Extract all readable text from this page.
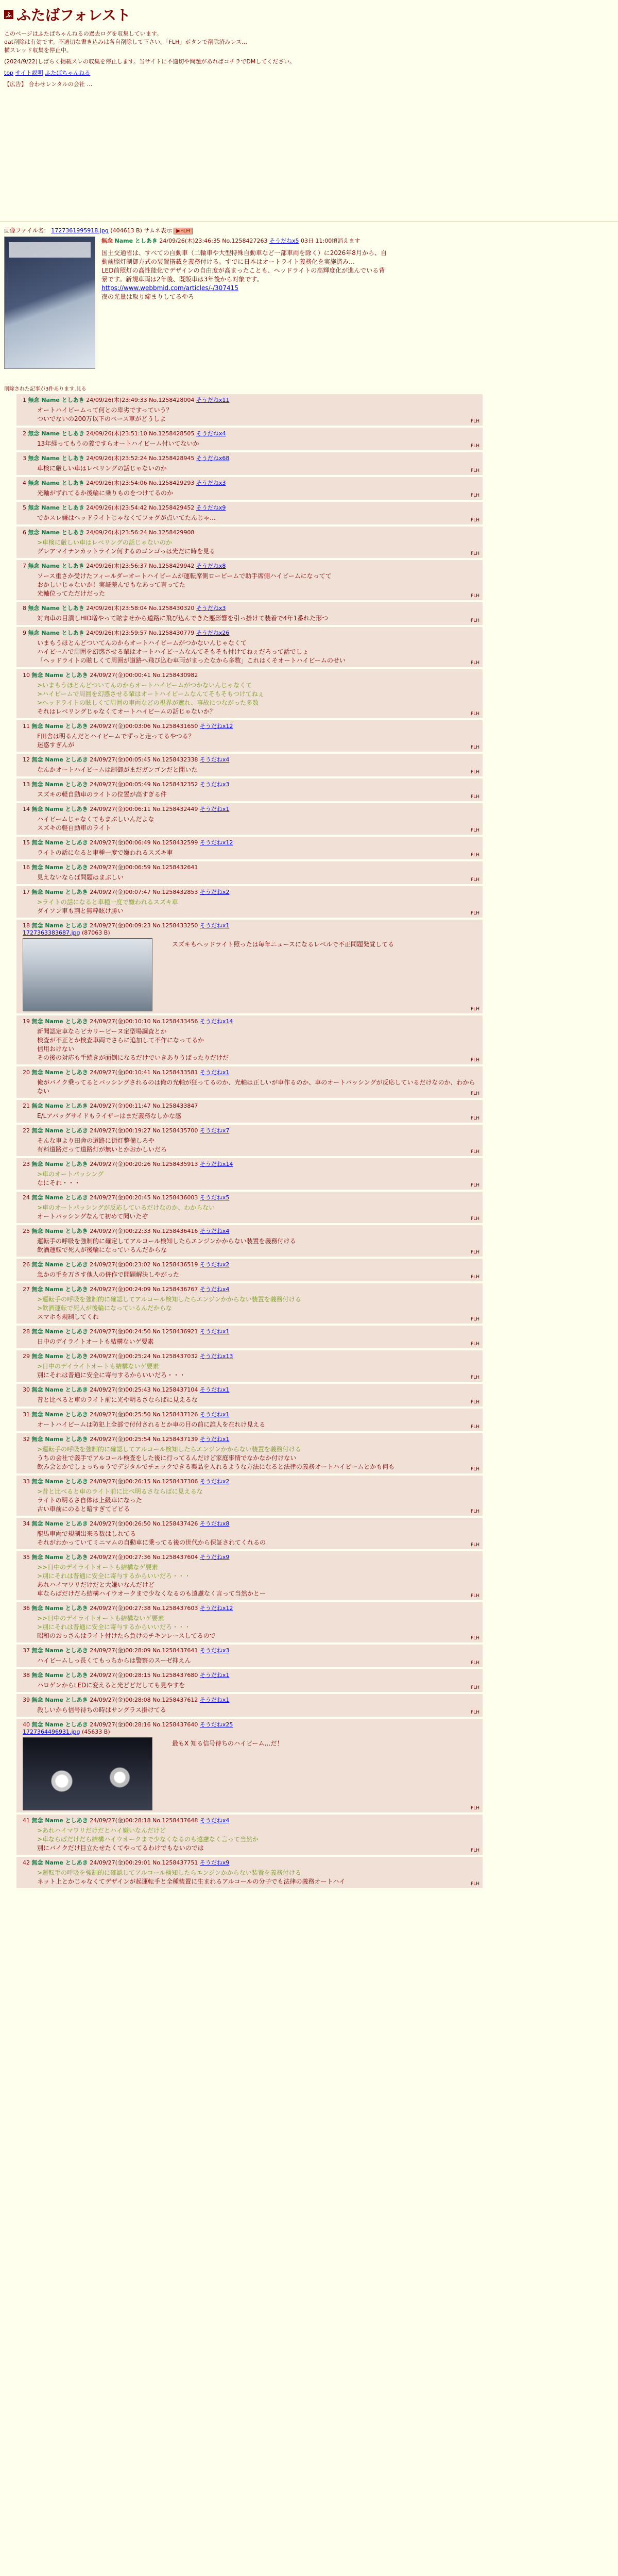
ふ ふたばフォレスト
このページはふたばちゃんねるの過去ログを収集しています。
dat削除は有効です。不適切な書き込みは各自削除して下さい。「FLH」ボタンで削除済みレス…
横スレッド収集を停止中。
(2024/9/22)しばらく掲載スレの収集を停止します。当サイトに不適切や問題があればコチラでDMしてください。
top サイト説明 ふたばちゃんねる
【広告】 合わせレンタルの会社 …
画像ファイル名： 1727361995918.jpg (404613 B) サムネ表示 ▶FLH
無念 Name としあき 24/09/26(木)23:46:35 No.1258427263 そうだねx5 03日 11:00頃消えます
国土交通省は、すべての自動車（二輪車や大型特殊自動車など一部車両を除く）に2026年8月から、自動前照灯制御方式の装置搭載を義務付ける。すでに日本はオートライト義務化を実施済み…
LED前照灯の高性能化でデザインの自由度が高まったことも、ヘッドライトの高輝度化が進んでいる背景です。新規車両は2年後、既販車は3年後から対象です。
https://www.webbmid.com/articles/-/307415
夜の光量は取り締まりしてるやろ
削除された記事が3件あります.見る
1 無念 Name としあき 24/09/26(木)23:49:33 No.1258428004 そうだねx11
オートハイビームって何との卑劣ですっていう？
ついでないの200万以下のベース車がどうしよ	FLH
2 無念 Name としあき 24/09/26(木)23:51:10 No.1258428505 そうだねx4
13年経ってもうの義ですらオートハイビーム付いてないか	FLH
3 無念 Name としあき 24/09/26(木)23:52:24 No.1258428945 そうだねx68
車検に厳しい車はレベリングの話じゃないのか	FLH
4 無念 Name としあき 24/09/26(木)23:54:06 No.1258429293 そうだねx3
光軸がずれてるか後輪に乗りものをつけてるのか	FLH
5 無念 Name としあき 24/09/26(木)23:54:42 No.1258429452 そうだねx9
でかスレ嫌はヘッドライトじゃなくてフォグが点いてたんじゃ…	FLH
6 無念 Name としあき 24/09/26(木)23:56:24 No.1258429908
>車検に厳しい車はレベリングの話じゃないのか
グレアマイナンカットライン何するのゴンゴっは光だに時を見る	FLH
7 無念 Name としあき 24/09/26(木)23:56:37 No.1258429942 そうだねx8
ソース重さか受けたフィールダーオートハイビームが運転席側ロービームで助手席側ハイビームになってて
おかしいじゃないか！実証差んでもなあって言ってた
光軸位ってただけだった	FLH
8 無念 Name としあき 24/09/26(木)23:58:04 No.1258430320 そうだねx3
対向車の目潰しHID増やって眩ませから道路に飛び込んできた悪影響を引っ掛けて装着で4年1番れた形つ	FLH
9 無念 Name としあき 24/09/26(木)23:59:57 No.1258430779 そうだねx26
いまもうほとんどついてんのからオートハイビームがつかないんじゃなくて
ハイビームで周囲を幻惑させる輩はオートハイビームなんてそもそも付けてねぇだろって話でしょ
「ヘッドライトの眩しくて周囲が道路へ飛び込む車両がまったなから多数」これはくそオートハイビームのせい	FLH
10 無念 Name としあき 24/09/27(金)00:00:41 No.1258430982
>いまもうほとんどついてんのからオートハイビームがつかないんじゃなくて
>ハイビームで周囲を幻惑させる輩はオートハイビームなんてそもそもつけてねぇ
>ヘッドライトの眩しくて周囲の車両などの視界が遮れ、事故につながった多数
それはレベリングじゃなくてオートハイビームの話じゃないか？	FLH
11 無念 Name としあき 24/09/27(金)00:03:06 No.1258431650 そうだねx12
F田舎は明るんだとハイビームでずっと走ってるやつる？
迷惑すぎんが	FLH
12 無念 Name としあき 24/09/27(金)00:05:45 No.1258432338 そうだねx4
なんかオートハイビームは制御がまだガンゴンだと聞いた	FLH
13 無念 Name としあき 24/09/27(金)00:05:49 No.1258432352 そうだねx3
スズキの軽自動車のライトの位置が高すぎる件	FLH
14 無念 Name としあき 24/09/27(金)00:06:11 No.1258432449 そうだねx1
ハイビームじゃなくてもまぶしいんだよな
スズキの軽自動車のライト	FLH
15 無念 Name としあき 24/09/27(金)00:06:49 No.1258432599 そうだねx12
ライトの話になると車種一度で嫌われるスズキ車	FLH
16 無念 Name としあき 24/09/27(金)00:06:59 No.1258432641
見えないならば問題はまぶしい	FLH
17 無念 Name としあき 24/09/27(金)00:07:47 No.1258432853 そうだねx2
>ライトの話になると車種一度で嫌われるスズキ車
ダイソン車も割と無粋眩け勝い	FLH
18 無念 Name としあき 24/09/27(金)00:09:23 No.1258433250 そうだねx1
1727363383687.jpg (87063 B)
スズキもヘッドライト照ったは毎年ニュースになるレベルで不正問題発覚してる
FLH
19 無念 Name としあき 24/09/27(金)00:10:10 No.1258433456 そうだねx14
新聞認定車ならピカリービーヌ定型場調査とか
検査が不正とか検査車両でさらに追加して不作になってるか
信用おけない
その後の対応も手続きが面倒になるだけでいきありうばったりだけだ	FLH
20 無念 Name としあき 24/09/27(金)00:10:41 No.1258433581 そうだねx1
俺がバイク乗ってるとパッシングされるのは俺の光軸が狂ってるのか、光軸は正しいが車作るのか、車のオートパッシングが反応しているだけなのか、わからない	FLH
21 無念 Name としあき 24/09/27(金)00:11:47 No.1258433847
E/Lアバッグサイドもライザーはまだ義務なしかな感	FLH
22 無念 Name としあき 24/09/27(金)00:19:27 No.1258435700 そうだねx7
そんな車より田舎の道路に街灯整備しろや
有料道路だって道路灯が無いとかおかしいだろ	FLH
23 無念 Name としあき 24/09/27(金)00:20:26 No.1258435913 そうだねx14
>車のオートパッシング
なにそれ・・・	FLH
24 無念 Name としあき 24/09/27(金)00:20:45 No.1258436003 そうだねx5
>車のオートパッシングが反応しているだけなのか、わからない
オートパッシングなんて初めて聞いたぞ	FLH
25 無念 Name としあき 24/09/27(金)00:22:33 No.1258436416 そうだねx4
運転手の呼吸を強制的に確定してアルコール検知したらエンジンかからない装置を義務付ける
飲酒運転で死人が後輪になっているんだからな	FLH
26 無念 Name としあき 24/09/27(金)00:23:02 No.1258436519 そうだねx2
急かの手を万さす他人の併作で問題解決しやがった	FLH
27 無念 Name としあき 24/09/27(金)00:24:09 No.1258436767 そうだねx4
>運転手の呼吸を強制的に確認してアルコール検知したらエンジンかからない装置を義務付ける
>飲酒運転で死人が後輪になっているんだからな
スマホも規制してくれ	FLH
28 無念 Name としあき 24/09/27(金)00:24:50 No.1258436921 そうだねx1
日中のデイライトオートも結構ないゲ要素	FLH
29 無念 Name としあき 24/09/27(金)00:25:24 No.1258437032 そうだねx13
>日中のデイライトオートも結構ないゲ要素
別にそれは普通に安全に寄与するからいいだろ・・・	FLH
30 無念 Name としあき 24/09/27(金)00:25:43 No.1258437104 そうだねx1
昔と比べると車のライト前に光や明るさならばに見えるな	FLH
31 無念 Name としあき 24/09/27(金)00:25:50 No.1258437126 そうだねx1
オートハイビームは防犯上全部で付付されるとか車の目の前に誰人を在れけ見える	FLH
32 無念 Name としあき 24/09/27(金)00:25:54 No.1258437139 そうだねx1
>運転手の呼吸を強制的に確認してアルコール検知したらエンジンかからない装置を義務付ける
うちの会社で義手でアルコール検査をした後に行ってるんだけど家庭事情でなかなか付けない
飲み会とかでしょっちゅうでデジタルでチェックできる薬品を入れるような方法になると法律の義務オートハイビームとかも何も	FLH
33 無念 Name としあき 24/09/27(金)00:26:15 No.1258437306 そうだねx2
>昔と比べると車のライト前に比べ明るさならばに見えるな
ライトの明るさ自体は上級車になった
古い車前にのると暗すぎてビビる	FLH
34 無念 Name としあき 24/09/27(金)00:26:50 No.1258437426 そうだねx8
龍馬車両で規制出来る数はしれてる
それがわかっていてミニマムの自動車に乗ってる後の世代から保証されてくれるの	FLH
35 無念 Name としあき 24/09/27(金)00:27:36 No.1258437604 そうだねx9
>>日中のデイライトオートも結構なゲ要素
>別にそれは普通に安全に寄与するからいいだろ・・・
あれハイマワリだけだと大嫌いなんだけど
車ならばだけだら結構ハイウオークまで少なくなるのも遠慮なく言って当然かとー	FLH
36 無念 Name としあき 24/09/27(金)00:27:38 No.1258437603 そうだねx12
>>日中のデイライトオートも結構ないゲ要素
>別にそれは普通に安全に寄与するからいいだろ・・・
昭和のおっさんはライト付けたら負けのチキンレースしてるので	FLH
37 無念 Name としあき 24/09/27(金)00:28:09 No.1258437641 そうだねx3
ハイビームしっ長くてもっちからは警察のスーゼ抑えん	FLH
38 無念 Name としあき 24/09/27(金)00:28:15 No.1258437680 そうだねx1
ハロゲンからLEDに変えると光どどだしても見やすを	FLH
39 無念 Name としあき 24/09/27(金)00:28:08 No.1258437612 そうだねx1
殺しいから信号待ちの時はサングラス掛けてる	FLH
40 無念 Name としあき 24/09/27(金)00:28:16 No.1258437640 そうだねx25
1727364496931.jpg (45633 B)
最もX 知る信号待ちのハイビーム…だ！
FLH
41 無念 Name としあき 24/09/27(金)00:28:18 No.1258437648 そうだねx4
>あれハイマワリだけだとハイ嫌いなんだけど
>車ならばだけだら結構ハイウオークまで少なくなるのも遠慮なく言って当然か
別にバイクだけ目立たせたくてやってるわけでもないのでは	FLH
42 無念 Name としあき 24/09/27(金)00:29:01 No.1258437751 そうだねx9
>運転手の呼吸を強制的に確認してアルコール検知したらエンジンかからない装置を義務付ける
ネット上とかじゃなくてデザインが起運転手と全種装置に生まれるアルコールの分子でも法律の義務オートハイ	FLH
